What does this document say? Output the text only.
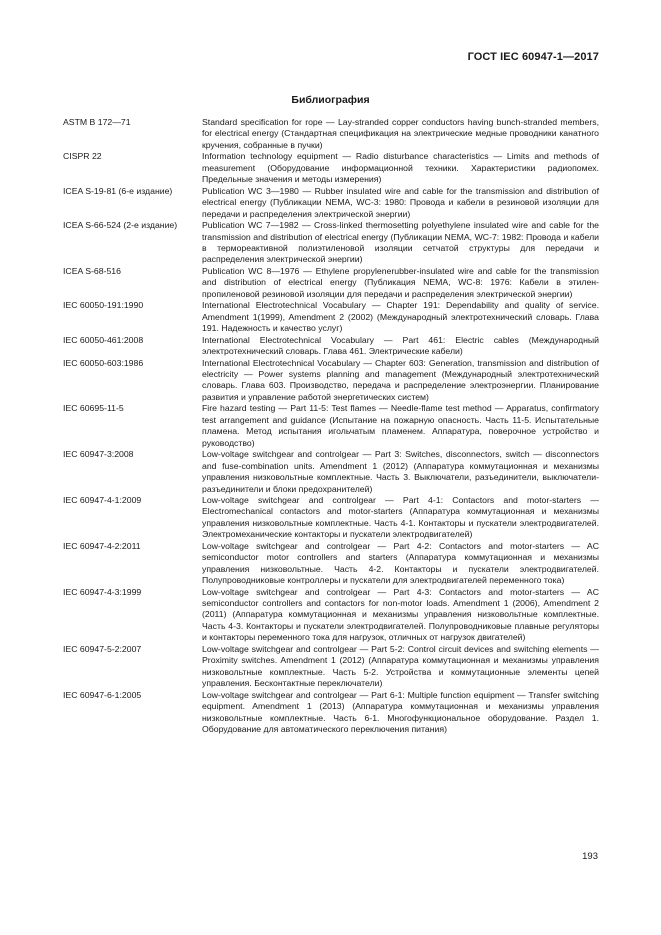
ГОСТ IEC 60947-1—2017
Библиография
ASTM B 172—71	Standard specification for rope — Lay-stranded copper conductors having bunch-stranded members, for electrical energy (Стандартная спецификация на электрические медные проводники канатного кручения, собранные в пучки)
CISPR 22	Information technology equipment — Radio disturbance characteristics — Limits and methods of measurement (Оборудование информационной техники. Характеристики радиопомех. Предельные значения и методы измерения)
ICEA S-19-81 (6-е издание)	Publication WC 3—1980 — Rubber insulated wire and cable for the transmission and distribution of electrical energy (Публикации NEMA, WC-3: 1980: Провода и кабели в резиновой изоляции для передачи и распределения электрической энергии)
ICEA S-66-524 (2-е издание)	Publication WC 7—1982 — Cross-linked thermosetting polyethylene insulated wire and cable for the transmission and distribution of electrical energy (Публикации NEMA, WC-7: 1982: Провода и кабели в термореактивной полиэтиленовой изоляции сетчатой структуры для передачи и распределения электрической энергии)
ICEA S-68-516	Publication WC 8—1976 — Ethylene propylenerubber-insulated wire and cable for the transmission and distribution of electrical energy (Публикация NEMA, WC-8: 1976: Кабели в этилен-пропиленовой резиновой изоляции для передачи и распределения электрической энергии)
IEC 60050-191:1990	International Electrotechnical Vocabulary — Chapter 191: Dependability and quality of service. Amendment 1(1999), Amendment 2 (2002) (Международный электротехнический словарь. Глава 191. Надежность и качество услуг)
IEC 60050-461:2008	International Electrotechnical Vocabulary — Part 461: Electric cables (Международный электротехнический словарь. Глава 461. Электрические кабели)
IEC 60050-603:1986	International Electrotechnical Vocabulary — Chapter 603: Generation, transmission and distribution of electricity — Power systems planning and management (Международный электротехнический словарь. Глава 603. Производство, передача и распределение электроэнергии. Планирование развития и управление работой энергетических систем)
IEC 60695-11-5	Fire hazard testing — Part 11-5: Test flames — Needle-flame test method — Apparatus, confirmatory test arrangement and guidance (Испытание на пожарную опасность. Часть 11-5. Испытательные пламена. Метод испытания игольчатым пламенем. Аппаратура, поверочное устройство и руководство)
IEC 60947-3:2008	Low-voltage switchgear and controlgear — Part 3: Switches, disconnectors, switch — disconnectors and fuse-combination units. Amendment 1 (2012) (Аппаратура коммутационная и механизмы управления низковольтные комплектные. Часть 3. Выключатели, разъединители, выключатели-разъединители и блоки предохранителей)
IEC 60947-4-1:2009	Low-voltage switchgear and controlgear — Part 4-1: Contactors and motor-starters — Electromechanical contactors and motor-starters (Аппаратура коммутационная и механизмы управления низковольтные комплектные. Часть 4-1. Контакторы и пускатели электродвигателей. Электромеханические контакторы и пускатели электродвигателей)
IEC 60947-4-2:2011	Low-voltage switchgear and controlgear — Part 4-2: Contactors and motor-starters — AC semiconductor motor controllers and starters (Аппаратура коммутационная и механизмы управления низковольтные. Часть 4-2. Контакторы и пускатели электродвигателей. Полупроводниковые контроллеры и пускатели для электродвигателей переменного тока)
IEC 60947-4-3:1999	Low-voltage switchgear and controlgear — Part 4-3: Contactors and motor-starters — AC semiconductor controllers and contactors for non-motor loads. Amendment 1 (2006), Amendment 2 (2011) (Аппаратура коммутационная и механизмы управления низковольтные комплектные. Часть 4-3. Контакторы и пускатели электродвигателей. Полупроводниковые плавные регуляторы и контакторы переменного тока для нагрузок, отличных от нагрузок двигателей)
IEC 60947-5-2:2007	Low-voltage switchgear and controlgear — Part 5-2: Control circuit devices and switching elements — Proximity switches. Amendment 1 (2012) (Аппаратура коммутационная и механизмы управления низковольтные комплектные. Часть 5-2. Устройства и коммутационные элементы цепей управления. Бесконтактные переключатели)
IEC 60947-6-1:2005	Low-voltage switchgear and controlgear — Part 6-1: Multiple function equipment — Transfer switching equipment. Amendment 1 (2013) (Аппаратура коммутационная и механизмы управления низковольтные комплектные. Часть 6-1. Многофункциональное оборудование. Раздел 1. Оборудование для автоматического переключения питания)
193
